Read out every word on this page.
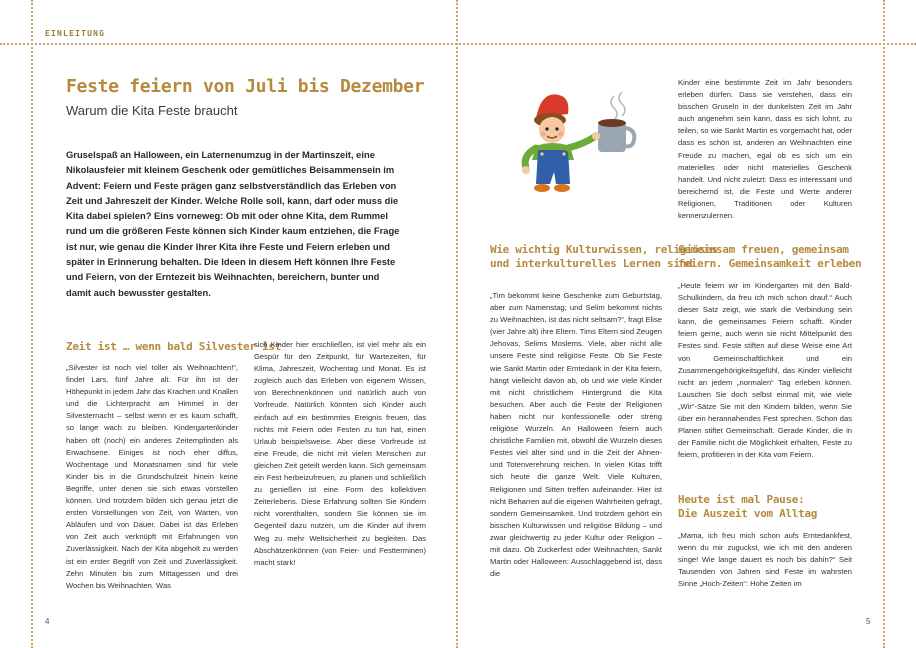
EINLEITUNG
Feste feiern von Juli bis Dezember
Warum die Kita Feste braucht

Gruselspaß an Halloween, ein Laternenumzug in der Martinszeit, eine Nikolausfeier mit kleinem Geschenk oder gemütliches Beisammensein im Advent: Feiern und Feste prägen ganz selbstverständlich das Erleben von Zeit und Jahreszeit der Kinder. Welche Rolle soll, kann, darf oder muss die Kita dabei spielen? Eins vorneweg: Ob mit oder ohne Kita, dem Rummel rund um die größeren Feste können sich Kinder kaum entziehen, die Frage ist nur, wie genau die Kinder Ihrer Kita ihre Feste und Feiern erleben und später in Erinnerung behalten. Die Ideen in diesem Heft können Ihre Feste und Feiern, von der Erntezeit bis Weihnachten, bereichern, bunter und damit auch bewusster gestalten.

Zeit ist … wenn bald Silvester ist

„Silvester ist noch viel toller als Weihnachten!“, findet Lars, fünf Jahre alt. Für ihn ist der Höhepunkt in jedem Jahr das Krachen und Knallen und die Lichterpracht am Himmel in der Silvesternacht – selbst wenn er es kaum schafft, so lange wach zu bleiben. Kindergartenkinder haben oft (noch) ein anderes Zeitempfinden als Erwachsene. Einiges ist noch eher diffus, Wochentage und Monatsnamen sind für viele Kinder bis in die Grundschulzeit hinein keine Begriffe, unter denen sie sich etwas vorstellen können. Und trotzdem bilden sich genau jetzt die ersten Vorstellungen von Zeit, von Warten, von Abläufen und von Dauer. Dabei ist das Erleben von Zeit auch verknüpft mit Erfahrungen von Zuverlässigkeit. Nach der Kita abgeholt zu werden ist ein erster Begriff von Zeit und Zuverlässigkeit. Zehn Minuten bis zum Mittagessen und drei Wochen bis Weihnachten. Was

sich Kinder hier erschließen, ist viel mehr als ein Gespür für den Zeitpunkt, für Wartezeiten, für Klima, Jahreszeit, Wochentag und Monat. Es ist zugleich auch das Erleben von eigenem Wissen, von Berechnenkönnen und natürlich auch von Vorfreude. Natürlich könnten sich Kinder auch einfach auf ein bestimmtes Ereignis freuen, das nichts mit Feiern oder Festen zu tun hat, einen Urlaub beispielsweise. Aber diese Vorfreude ist eine Freude, die nicht mit vielen Menschen zur gleichen Zeit geteilt werden kann. Sich gemeinsam ein Fest herbeizufreuen, zu planen und schließlich zu genießen ist eine Form des kollektiven Zeiterlebens. Diese Erfahrung sollten Sie Kindern nicht vorenthalten, sondern Sie können sie im Gegenteil dazu nutzen, um die Kinder auf ihrem Weg zu mehr Weltsicherheit zu begleiten. Das Abschätzenkönnen (von Feier- und Festterminen) macht stark!

Wie wichtig Kulturwissen, religiöses
und interkulturelles Lernen sind

„Tim bekommt keine Geschenke zum Geburtstag, aber zum Namenstag; und Selim bekommt nichts zu Weihnachten, ist das nicht seltsam?“, fragt Elise (vier Jahre alt) ihre Eltern. Tims Eltern sind Zeugen Jehovas, Selims Moslems. Viele, aber nicht alle unsere Feste sind religiöse Feste. Ob Sie Feste wie Sankt Martin oder Erntedank in der Kita feiern, hängt vielleicht davon ab, ob und wie viele Kinder mit nicht christlichem Hintergrund die Kita besuchen. Aber auch die Feste der Religionen haben nicht nur konfessionelle oder streng religiöse Wurzeln. An Halloween feiern auch christliche Familien mit, obwohl die Wurzeln dieses Festes viel älter sind und in die Zeit der Ahnen- und Totenverehrung reichen. In vielen Kitas trifft sich heute die ganze Welt. Viele Kulturen, Religionen und Sitten treffen aufeinander. Hier ist nicht Beharren auf die eigenen Wahrheiten gefragt, sondern Gemeinsamkeit. Und trotzdem gehört ein bisschen Kulturwissen und religiöse Bildung – und zwar gleichwertig zu jeder Kultur oder Religion – mit dazu. Ob Zuckerfest oder Weihnachten, Sankt Martin oder Halloween: Ausschlaggebend ist, dass die

Kinder eine bestimmte Zeit im Jahr besonders erleben dürfen. Dass sie verstehen, dass ein bisschen Gruseln in der dunkelsten Zeit im Jahr auch angenehm sein kann, dass es sich lohnt, zu teilen, so wie Sankt Martin es vorgemacht hat, oder dass es schön ist, anderen an Weihnachten eine Freude zu machen, egal ob es sich um ein materielles oder nicht materielles Geschenk handelt. Und nicht zuletzt: Dass es interessant und bereichernd ist, die Feste und Werte anderer Religionen, Traditionen oder Kulturen kennenzulernen.

Gemeinsam freuen, gemeinsam
feiern. Gemeinsamkeit erleben

„Heute feiern wir im Kindergarten mit den Bald-Schulkindern, da freu ich mich schon drauf.“ Auch dieser Satz zeigt, wie stark die Verbindung sein kann, die gemeinsames Feiern schafft. Kinder feiern gerne, auch wenn sie nicht Mittelpunkt des Festes sind. Feste stiften auf diese Weise eine Art von Gemeinschaftlichkeit und ein Zusammengehörigkeitsgefühl, das Kinder vielleicht nicht an jedem „normalen“ Tag erleben können. Lauschen Sie doch selbst einmal mit, wie viele „Wir“-Sätze Sie mit den Kindern bilden, wenn Sie über ein herannahendes Fest sprechen. Schon das Planen stiftet Gemeinschaft. Gerade Kinder, die in der Familie nicht die Möglichkeit erhalten, Feste zu feiern, profitieren in der Kita vom Feiern.

Heute ist mal Pause:
Die Auszeit vom Alltag

„Mama, ich freu mich schon aufs Erntedankfest, wenn du mir zuguckst, wie ich mit den anderen singe! Wie lange dauert es noch bis dahin?“ Seit Tausenden von Jahren sind Feste im wahrsten Sinne „Hoch-Zeiten“: Hohe Zeiten im

4	5
